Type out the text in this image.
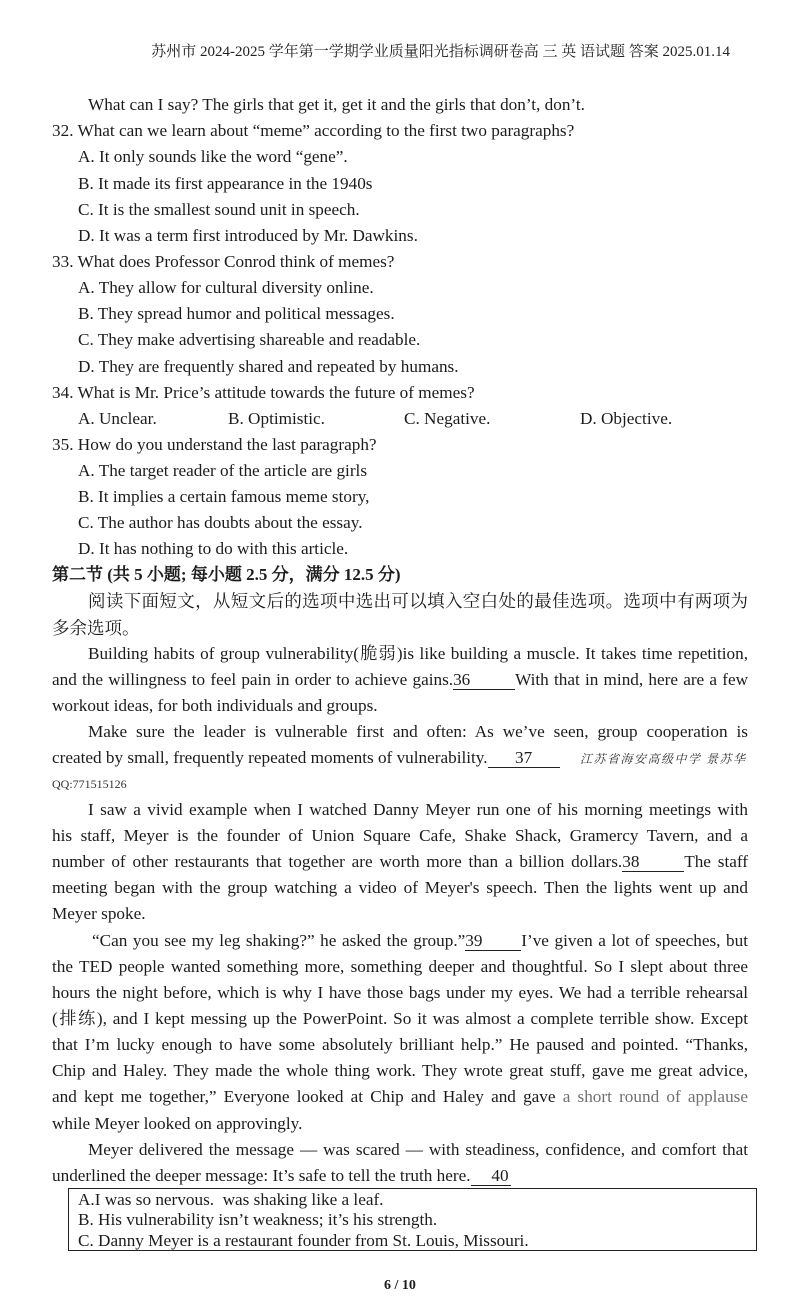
苏州市 2024-2025 学年第一学期学业质量阳光指标调研卷高 三 英 语试题 答案 2025.01.14
What can I say? The girls that get it, get it and the girls that don’t, don’t.
32. What can we learn about “meme” according to the first two paragraphs?
A. It only sounds like the word “gene”.
B. It made its first appearance in the 1940s
C. It is the smallest sound unit in speech.
D. It was a term first introduced by Mr. Dawkins.
33. What does Professor Conrod think of memes?
A. They allow for cultural diversity online.
B. They spread humor and political messages.
C. They make advertising shareable and readable.
D. They are frequently shared and repeated by humans.
34. What is Mr. Price’s attitude towards the future of memes?
A. Unclear.	B. Optimistic.	C. Negative.	D. Objective.
35. How do you understand the last paragraph?
A. The target reader of the article are girls
B. It implies a certain famous meme story,
C. The author has doubts about the essay.
D. It has nothing to do with this article.
第二节 (共 5 小题; 每小题 2.5 分，满分 12.5 分)
阅读下面短文，从短文后的选项中选出可以填入空白处的最佳选项。选项中有两项为
多余选项。
Building habits of group vulnerability(脆弱)is like building a muscle. It takes time repetition,
and the willingness to feel pain in order to achieve gains.36	With that in mind, here are a few
workout ideas, for both individuals and groups.
Make sure the leader is vulnerable first and often: As we’ve seen, group cooperation is
created by small, frequently repeated moments of vulnerability. 37	江苏省海安高级中学 景苏华
QQ:771515126
I saw a vivid example when I watched Danny Meyer run one of his morning meetings with
his staff, Meyer is the founder of Union Square Cafe, Shake Shack, Gramercy Tavern, and a
number of other restaurants that together are worth more than a billion dollars.38	The staff
meeting began with the group watching a video of Meyer's speech. Then the lights went up and
Meyer spoke.
“Can you see my leg shaking?” he asked the group.”39 I’ve given a lot of speeches, but
the TED people wanted something more, something deeper and thoughtful. So I slept about three
hours the night before, which is why I have those bags under my eyes. We had a terrible rehearsal
(排练), and I kept messing up the PowerPoint. So it was almost a complete terrible show. Except
that I’m lucky enough to have some absolutely brilliant help.” He paused and pointed. “Thanks,
Chip and Haley. They made the whole thing work. They wrote great stuff, gave me great advice,
and kept me together,” Everyone looked at Chip and Haley and gave a short round of applause
while Meyer looked on approvingly.
Meyer delivered the message — was scared — with steadiness, confidence, and comfort that
underlined the deeper message: It’s safe to tell the truth here. 40
A.I was so nervous.  was shaking like a leaf.
B. His vulnerability isn’t weakness; it’s his strength.
C. Danny Meyer is a restaurant founder from St. Louis, Missouri.
6 / 10
